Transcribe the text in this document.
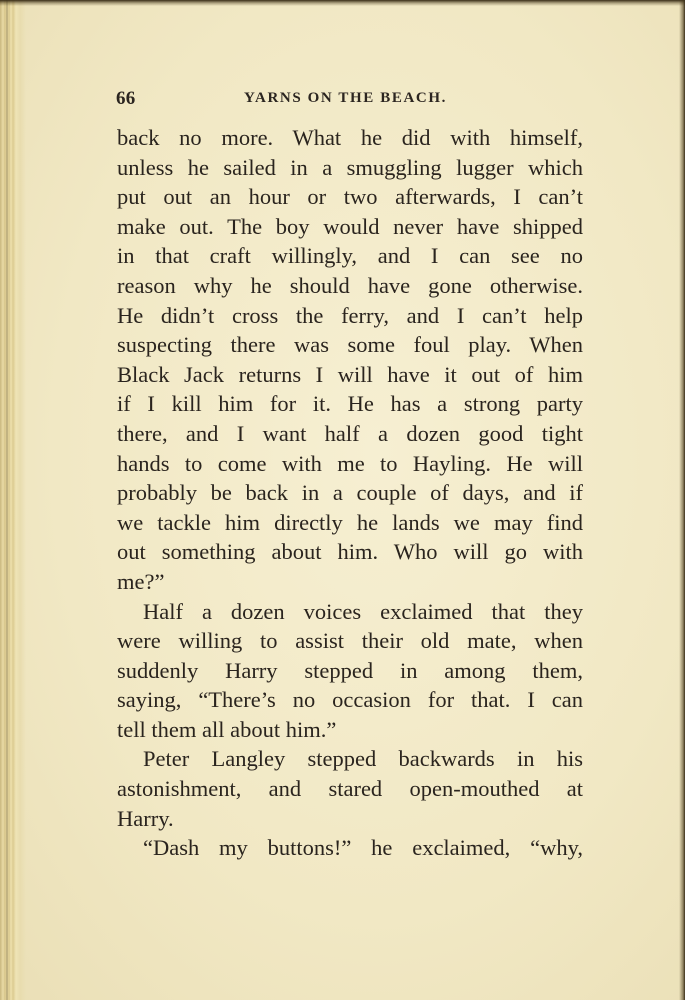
66	YARNS ON THE BEACH.
back no more. What he did with himself,
unless he sailed in a smuggling lugger which
put out an hour or two afterwards, I can’t
make out. The boy would never have shipped
in that craft willingly, and I can see no
reason why he should have gone otherwise.
He didn’t cross the ferry, and I can’t help
suspecting there was some foul play. When
Black Jack returns I will have it out of him
if I kill him for it. He has a strong party
there, and I want half a dozen good tight
hands to come with me to Hayling. He will
probably be back in a couple of days, and if
we tackle him directly he lands we may find
out something about him. Who will go with
me?”
Half a dozen voices exclaimed that they
were willing to assist their old mate, when
suddenly Harry stepped in among them,
saying, “There’s no occasion for that. I can
tell them all about him.”
Peter Langley stepped backwards in his
astonishment, and stared open-mouthed at
Harry.
“Dash my buttons!” he exclaimed, “why,
